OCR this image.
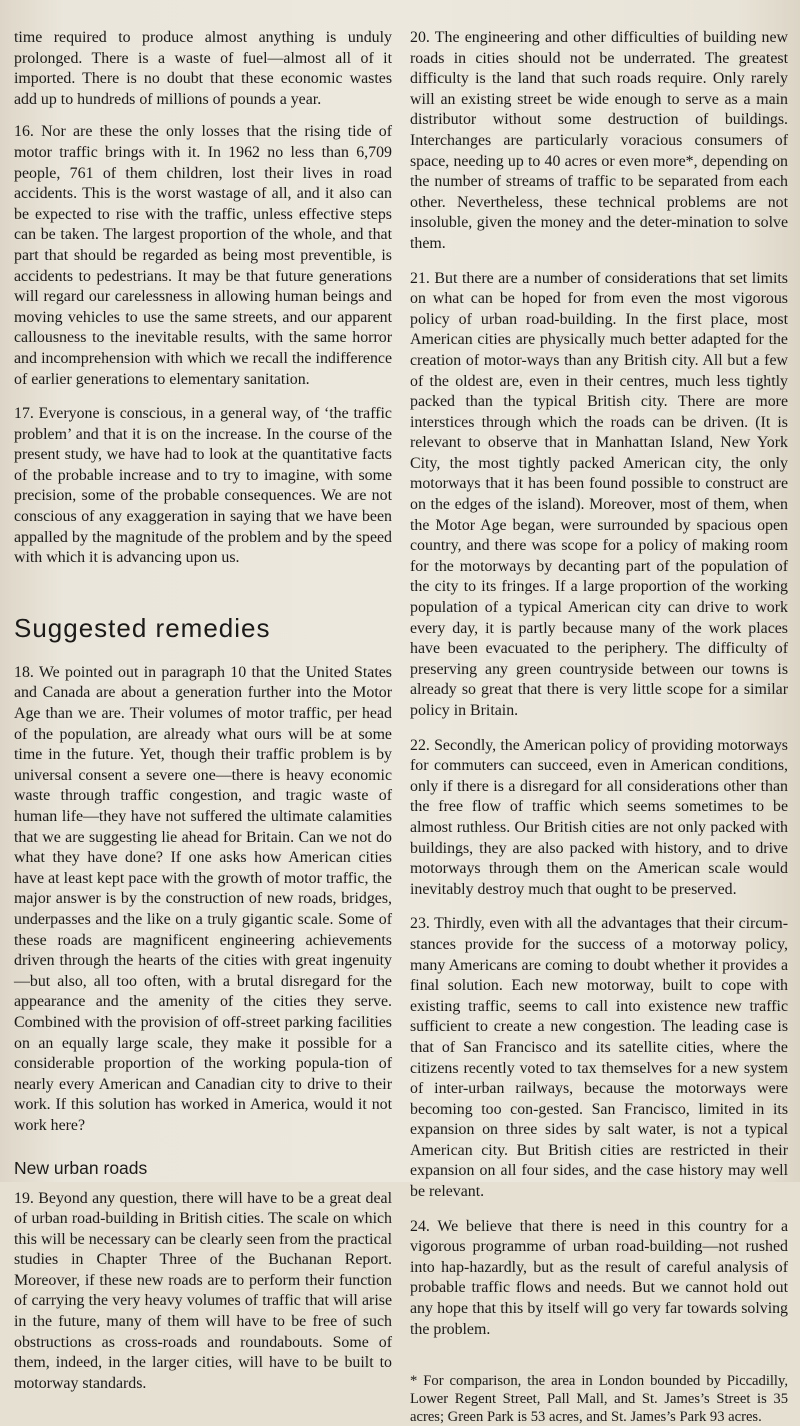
time required to produce almost anything is unduly prolonged. There is a waste of fuel—almost all of it imported. There is no doubt that these economic wastes add up to hundreds of millions of pounds a year.

16. Nor are these the only losses that the rising tide of motor traffic brings with it. In 1962 no less than 6,709 people, 761 of them children, lost their lives in road accidents. This is the worst wastage of all, and it also can be expected to rise with the traffic, unless effective steps can be taken. The largest proportion of the whole, and that part that should be regarded as being most preventible, is accidents to pedestrians. It may be that future generations will regard our carelessness in allowing human beings and moving vehicles to use the same streets, and our apparent callousness to the inevitable results, with the same horror and incomprehension with which we recall the indifference of earlier generations to elementary sanitation.

17. Everyone is conscious, in a general way, of ‘the traffic problem’ and that it is on the increase. In the course of the present study, we have had to look at the quantitative facts of the probable increase and to try to imagine, with some precision, some of the probable consequences. We are not conscious of any exaggeration in saying that we have been appalled by the magnitude of the problem and by the speed with which it is advancing upon us.

Suggested remedies

18. We pointed out in paragraph 10 that the United States and Canada are about a generation further into the Motor Age than we are. Their volumes of motor traffic, per head of the population, are already what ours will be at some time in the future. Yet, though their traffic problem is by universal consent a severe one—there is heavy economic waste through traffic congestion, and tragic waste of human life—they have not suffered the ultimate calamities that we are suggesting lie ahead for Britain. Can we not do what they have done? If one asks how American cities have at least kept pace with the growth of motor traffic, the major answer is by the construction of new roads, bridges, underpasses and the like on a truly gigantic scale. Some of these roads are magnificent engineering achievements driven through the hearts of the cities with great ingenuity—but also, all too often, with a brutal disregard for the appearance and the amenity of the cities they serve. Combined with the provision of off-street parking facilities on an equally large scale, they make it possible for a considerable proportion of the working popula-tion of nearly every American and Canadian city to drive to their work. If this solution has worked in America, would it not work here?

New urban roads

19. Beyond any question, there will have to be a great deal of urban road-building in British cities. The scale on which this will be necessary can be clearly seen from the practical studies in Chapter Three of the Buchanan Report. Moreover, if these new roads are to perform their function of carrying the very heavy volumes of traffic that will arise in the future, many of them will have to be free of such obstructions as cross-roads and roundabouts. Some of them, indeed, in the larger cities, will have to be built to motorway standards.

20. The engineering and other difficulties of building new roads in cities should not be underrated. The greatest difficulty is the land that such roads require. Only rarely will an existing street be wide enough to serve as a main distributor without some destruction of buildings. Interchanges are particularly voracious consumers of space, needing up to 40 acres or even more*, depending on the number of streams of traffic to be separated from each other. Nevertheless, these technical problems are not insoluble, given the money and the deter-mination to solve them.

21. But there are a number of considerations that set limits on what can be hoped for from even the most vigorous policy of urban road-building. In the first place, most American cities are physically much better adapted for the creation of motor-ways than any British city. All but a few of the oldest are, even in their centres, much less tightly packed than the typical British city. There are more interstices through which the roads can be driven. (It is relevant to observe that in Manhattan Island, New York City, the most tightly packed American city, the only motorways that it has been found possible to construct are on the edges of the island). Moreover, most of them, when the Motor Age began, were surrounded by spacious open country, and there was scope for a policy of making room for the motorways by decanting part of the population of the city to its fringes. If a large proportion of the working population of a typical American city can drive to work every day, it is partly because many of the work places have been evacuated to the periphery. The difficulty of preserving any green countryside between our towns is already so great that there is very little scope for a similar policy in Britain.

22. Secondly, the American policy of providing motorways for commuters can succeed, even in American conditions, only if there is a disregard for all considerations other than the free flow of traffic which seems sometimes to be almost ruthless. Our British cities are not only packed with buildings, they are also packed with history, and to drive motorways through them on the American scale would inevitably destroy much that ought to be preserved.

23. Thirdly, even with all the advantages that their circum-stances provide for the success of a motorway policy, many Americans are coming to doubt whether it provides a final solution. Each new motorway, built to cope with existing traffic, seems to call into existence new traffic sufficient to create a new congestion. The leading case is that of San Francisco and its satellite cities, where the citizens recently voted to tax themselves for a new system of inter-urban railways, because the motorways were becoming too con-gested. San Francisco, limited in its expansion on three sides by salt water, is not a typical American city. But British cities are restricted in their expansion on all four sides, and the case history may well be relevant.

24. We believe that there is need in this country for a vigorous programme of urban road-building—not rushed into hap-hazardly, but as the result of careful analysis of probable traffic flows and needs. But we cannot hold out any hope that this by itself will go very far towards solving the problem.

* For comparison, the area in London bounded by Piccadilly, Lower Regent Street, Pall Mall, and St. James’s Street is 35 acres; Green Park is 53 acres, and St. James’s Park 93 acres.
